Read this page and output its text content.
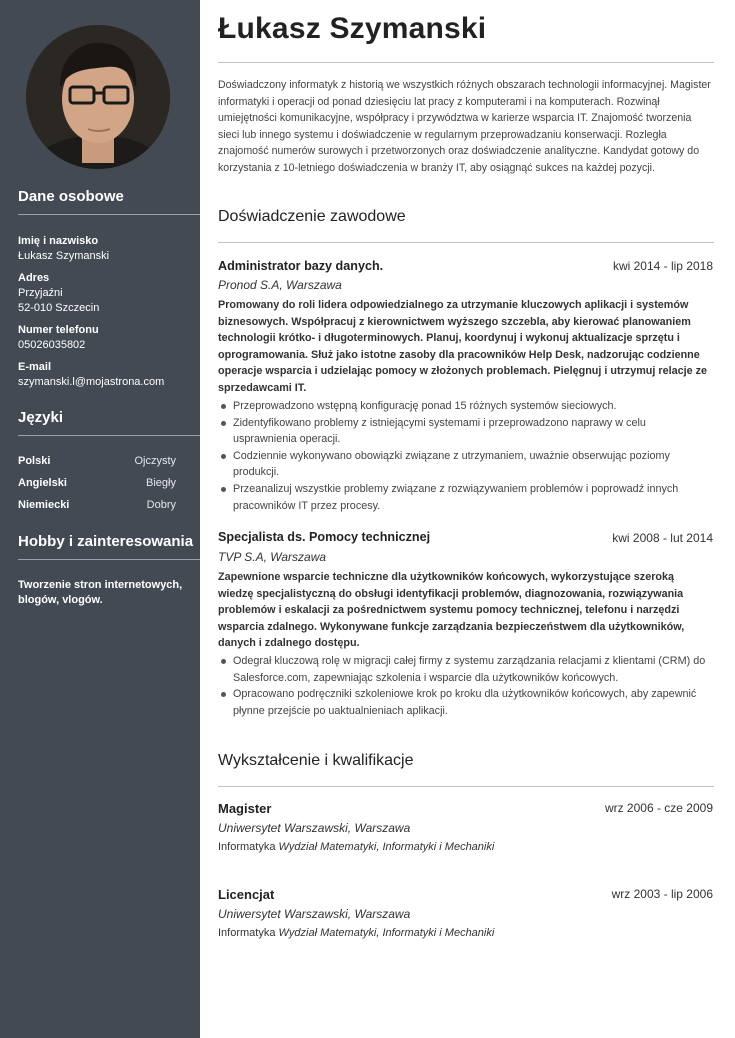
Dane osobowe
Imię i nazwisko
Łukasz Szymanski
Adres
Przyjaźni
52-010 Szczecin
Numer telefonu
05026035802
E-mail
szymanski.l@mojastrona.com
Języki
Polski	Ojczysty
Angielski	Biegły
Niemiecki	Dobry
Hobby i zainteresowania
Tworzenie stron internetowych, blogów, vlogów.
Łukasz Szymanski
Doświadczony informatyk z historią we wszystkich różnych obszarach technologii informacyjnej. Magister informatyki i operacji od ponad dziesięciu lat pracy z komputerami i na komputerach. Rozwinął umiejętności komunikacyjne, współpracy i przywództwa w karierze wsparcia IT. Znajomość tworzenia sieci lub innego systemu i doświadczenie w regularnym przeprowadzaniu konserwacji. Rozległa znajomość numerów surowych i przetworzonych oraz doświadczenie analityczne. Kandydat gotowy do korzystania z 10-letniego doświadczenia w branży IT, aby osiągnąć sukces na każdej pozycji.
Doświadczenie zawodowe
Administrator bazy danych.	kwi 2014 - lip 2018
Pronod S.A, Warszawa
Promowany do roli lidera odpowiedzialnego za utrzymanie kluczowych aplikacji i systemów biznesowych. Współpracuj z kierownictwem wyższego szczebla, aby kierować planowaniem technologii krótko- i długoterminowych. Planuj, koordynuj i wykonuj aktualizacje sprzętu i oprogramowania. Służ jako istotne zasoby dla pracowników Help Desk, nadzorując codzienne operacje wsparcia i udzielając pomocy w złożonych problemach. Pielęgnuj i utrzymuj relacje ze sprzedawcami IT.
Przeprowadzono wstępną konfigurację ponad 15 różnych systemów sieciowych.
Zidentyfikowano problemy z istniejącymi systemami i przeprowadzono naprawy w celu usprawnienia operacji.
Codziennie wykonywano obowiązki związane z utrzymaniem, uważnie obserwując poziomy produkcji.
Przeanalizuj wszystkie problemy związane z rozwiązywaniem problemów i poprowadź innych pracowników IT przez procesy.
Specjalista ds. Pomocy technicznej	kwi 2008 - lut 2014
TVP S.A, Warszawa
Zapewnione wsparcie techniczne dla użytkowników końcowych, wykorzystujące szeroką wiedzę specjalistyczną do obsługi identyfikacji problemów, diagnozowania, rozwiązywania problemów i eskalacji za pośrednictwem systemu pomocy technicznej, telefonu i narzędzi wsparcia zdalnego. Wykonywane funkcje zarządzania bezpieczeństwem dla użytkowników, danych i zdalnego dostępu.
Odegrał kluczową rolę w migracji całej firmy z systemu zarządzania relacjami z klientami (CRM) do Salesforce.com, zapewniając szkolenia i wsparcie dla użytkowników końcowych.
Opracowano podręczniki szkoleniowe krok po kroku dla użytkowników końcowych, aby zapewnić płynne przejście po uaktualnieniach aplikacji.
Wykształcenie i kwalifikacje
Magister	wrz 2006 - cze 2009
Uniwersytet Warszawski, Warszawa
Informatyka Wydział Matematyki, Informatyki i Mechaniki
Licencjat	wrz 2003 - lip 2006
Uniwersytet Warszawski, Warszawa
Informatyka Wydział Matematyki, Informatyki i Mechaniki
